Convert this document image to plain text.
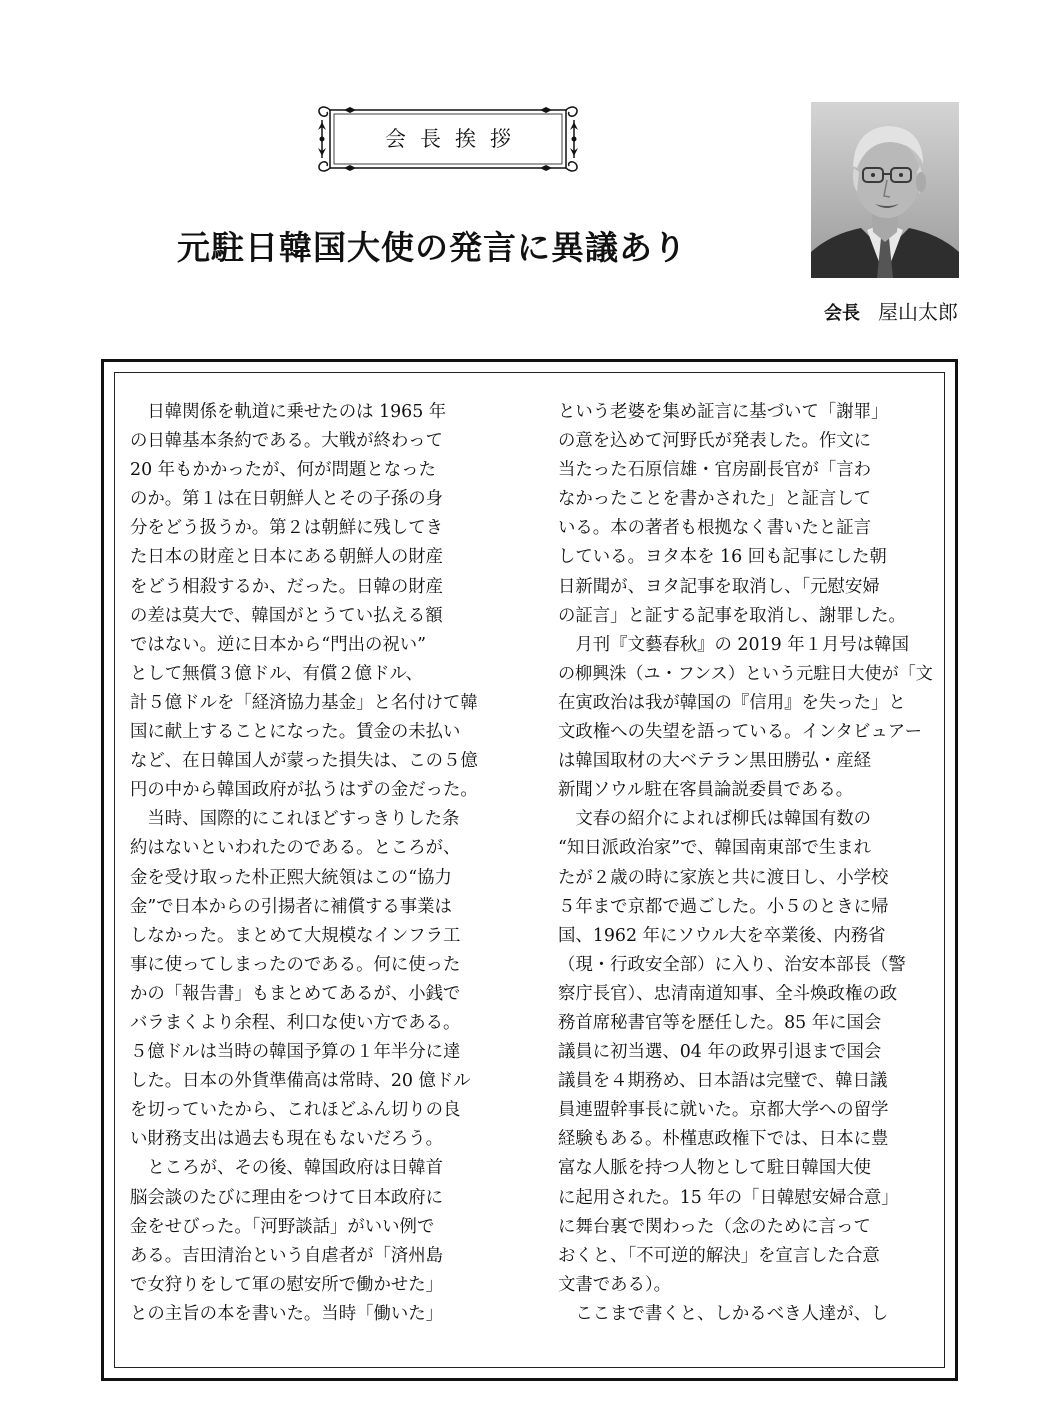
会長挨拶
元駐日韓国大使の発言に異議あり
会長 屋山太郎
　日韓関係を軌道に乗せたのは 1965 年
の日韓基本条約である。大戦が終わって
20 年もかかったが、何が問題となった
のか。第１は在日朝鮮人とその子孫の身
分をどう扱うか。第２は朝鮮に残してき
た日本の財産と日本にある朝鮮人の財産
をどう相殺するか、だった。日韓の財産
の差は莫大で、韓国がとうてい払える額
ではない。逆に日本から“門出の祝い”
として無償３億ドル、有償２億ドル、
計５億ドルを「経済協力基金」と名付けて韓
国に献上することになった。賃金の未払い
など、在日韓国人が蒙った損失は、この５億
円の中から韓国政府が払うはずの金だった。
　当時、国際的にこれほどすっきりした条
約はないといわれたのである。ところが、
金を受け取った朴正熙大統領はこの“協力
金”で日本からの引揚者に補償する事業は
しなかった。まとめて大規模なインフラ工
事に使ってしまったのである。何に使った
かの「報告書」もまとめてあるが、小銭で
バラまくより余程、利口な使い方である。
５億ドルは当時の韓国予算の１年半分に達
した。日本の外貨準備高は常時、20 億ドル
を切っていたから、これほどふん切りの良
い財務支出は過去も現在もないだろう。
　ところが、その後、韓国政府は日韓首
脳会談のたびに理由をつけて日本政府に
金をせびった。「河野談話」がいい例で
ある。吉田清治という自虐者が「済州島
で女狩りをして軍の慰安所で働かせた」
との主旨の本を書いた。当時「働いた」
という老婆を集め証言に基づいて「謝罪」
の意を込めて河野氏が発表した。作文に
当たった石原信雄・官房副長官が「言わ
なかったことを書かされた」と証言して
いる。本の著者も根拠なく書いたと証言
している。ヨタ本を 16 回も記事にした朝
日新聞が、ヨタ記事を取消し、「元慰安婦
の証言」と証する記事を取消し、謝罪した。
　月刊『文藝春秋』の 2019 年１月号は韓国
の柳興洙（ユ・フンス）という元駐日大使が「文
在寅政治は我が韓国の『信用』を失った」と
文政権への失望を語っている。インタビュアー
は韓国取材の大ベテラン黒田勝弘・産経
新聞ソウル駐在客員論説委員である。
　文春の紹介によれば柳氏は韓国有数の
“知日派政治家”で、韓国南東部で生まれ
たが２歳の時に家族と共に渡日し、小学校
５年まで京都で過ごした。小５のときに帰
国、1962 年にソウル大を卒業後、内務省
（現・行政安全部）に入り、治安本部長（警
察庁長官）、忠清南道知事、全斗煥政権の政
務首席秘書官等を歴任した。85 年に国会
議員に初当選、04 年の政界引退まで国会
議員を４期務め、日本語は完璧で、韓日議
員連盟幹事長に就いた。京都大学への留学
経験もある。朴槿恵政権下では、日本に豊
富な人脈を持つ人物として駐日韓国大使
に起用された。15 年の「日韓慰安婦合意」
に舞台裏で関わった（念のために言って
おくと、「不可逆的解決」を宣言した合意
文書である）。
　ここまで書くと、しかるべき人達が、し
